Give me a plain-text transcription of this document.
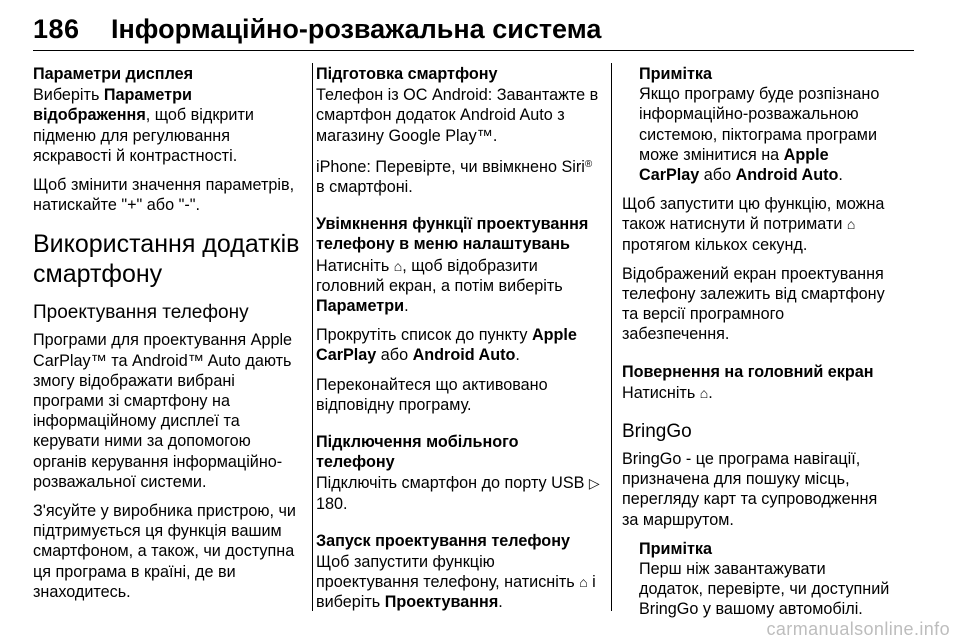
186 Інформаційно-розважальна система

Параметри дисплея

Виберіть Параметри відображення, щоб відкрити підменю для регулювання яскравості й контрастності.

Щоб змінити значення параметрів, натискайте "+" або "-".

Використання додатків смартфону

Проектування телефону

Програми для проектування Apple CarPlay™ та Android™ Auto дають змогу відображати вибрані програми зі смартфону на інформаційному дисплеї та керувати ними за допомогою органів керування інформаційно-розважальної системи.

З'ясуйте у виробника пристрою, чи підтримується ця функція вашим смартфоном, а також, чи доступна ця програма в країні, де ви знаходитесь.

Підготовка смартфону

Телефон із ОС Android: Завантажте в смартфон додаток Android Auto з магазину Google Play™.

iPhone: Перевірте, чи ввімкнено Siri® в смартфоні.

Увімкнення функції проектування телефону в меню налаштувань

Натисніть ⌂, щоб відобразити головний екран, а потім виберіть Параметри.

Прокрутіть список до пункту Apple CarPlay або Android Auto.

Переконайтеся що активовано відповідну програму.

Підключення мобільного телефону

Підключіть смартфон до порту USB ▷ 180.

Запуск проектування телефону

Щоб запустити функцію проектування телефону, натисніть ⌂ і виберіть Проектування.

Примітка

Якщо програму буде розпізнано інформаційно-розважальною системою, піктограма програми може змінитися на Apple CarPlay або Android Auto.

Щоб запустити цю функцію, можна також натиснути й потримати ⌂ протягом кількох секунд.

Відображений екран проектування телефону залежить від смартфону та версії програмного забезпечення.

Повернення на головний екран

Натисніть ⌂.

BringGo

BringGo - це програма навігації, призначена для пошуку місць, перегляду карт та супроводження за маршрутом.

Примітка

Перш ніж завантажувати додаток, перевірте, чи доступний BringGo у вашому автомобілі.

carmanualsonline.info
